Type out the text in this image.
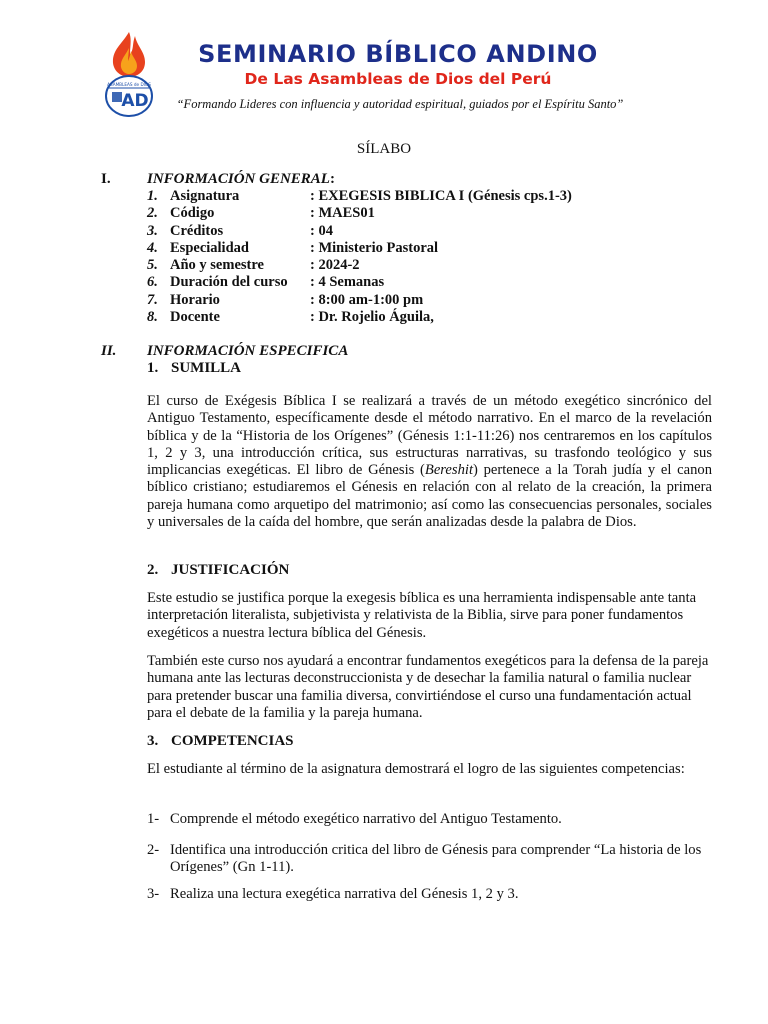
ASAMBLEAS de DIOS
AD
SEMINARIO BÍBLICO ANDINO
De Las Asambleas de Dios del Perú
“Formando Lideres con influencia y autoridad espiritual, guiados por el Espíritu Santo”
SÍLABO
I. INFORMACIÓN GENERAL:
1. Asignatura	: EXEGESIS BIBLICA I (Génesis cps.1-3)
2. Código	: MAES01
3. Créditos	: 04
4. Especialidad	: Ministerio Pastoral
5. Año y semestre	: 2024-2
6. Duración del curso : 4 Semanas
7. Horario	: 8:00 am-1:00 pm
8. Docente	: Dr. Rojelio Águila,
II. INFORMACIÓN ESPECIFICA
1. SUMILLA

El curso de Exégesis Bíblica I se realizará a través de un método exegético sincrónico del Antiguo Testamento, específicamente desde el método narrativo. En el marco de la revelación bíblica y de la “Historia de los Orígenes” (Génesis 1:1-11:26) nos centraremos en los capítulos 1, 2 y 3, una introducción crítica, sus estructuras narrativas, su trasfondo teológico y sus implicancias exegéticas. El libro de Génesis (Bereshit) pertenece a la Torah judía y el canon bíblico cristiano; estudiaremos el Génesis en relación con al relato de la creación, la primera pareja humana como arquetipo del matrimonio; así como las consecuencias personales, sociales y universales de la caída del hombre, que serán analizadas desde la palabra de Dios.

2. JUSTIFICACIÓN

Este estudio se justifica porque la exegesis bíblica es una herramienta indispensable ante tanta interpretación literalista, subjetivista y relativista de la Biblia, sirve para poner fundamentos exegéticos a nuestra lectura bíblica del Génesis.

También este curso nos ayudará a encontrar fundamentos exegéticos para la defensa de la pareja humana ante las lecturas deconstruccionista y de desechar la familia natural o familia nuclear para pretender buscar una familia diversa, convirtiéndose el curso una fundamentación actual para el debate de la familia y la pareja humana.

3. COMPETENCIAS

El estudiante al término de la asignatura demostrará el logro de las siguientes competencias:

1- Comprende el método exegético narrativo del Antiguo Testamento.
2- Identifica una introducción critica del libro de Génesis para comprender “La historia de los Orígenes” (Gn 1-11).
3- Realiza una lectura exegética narrativa del Génesis 1, 2 y 3.
